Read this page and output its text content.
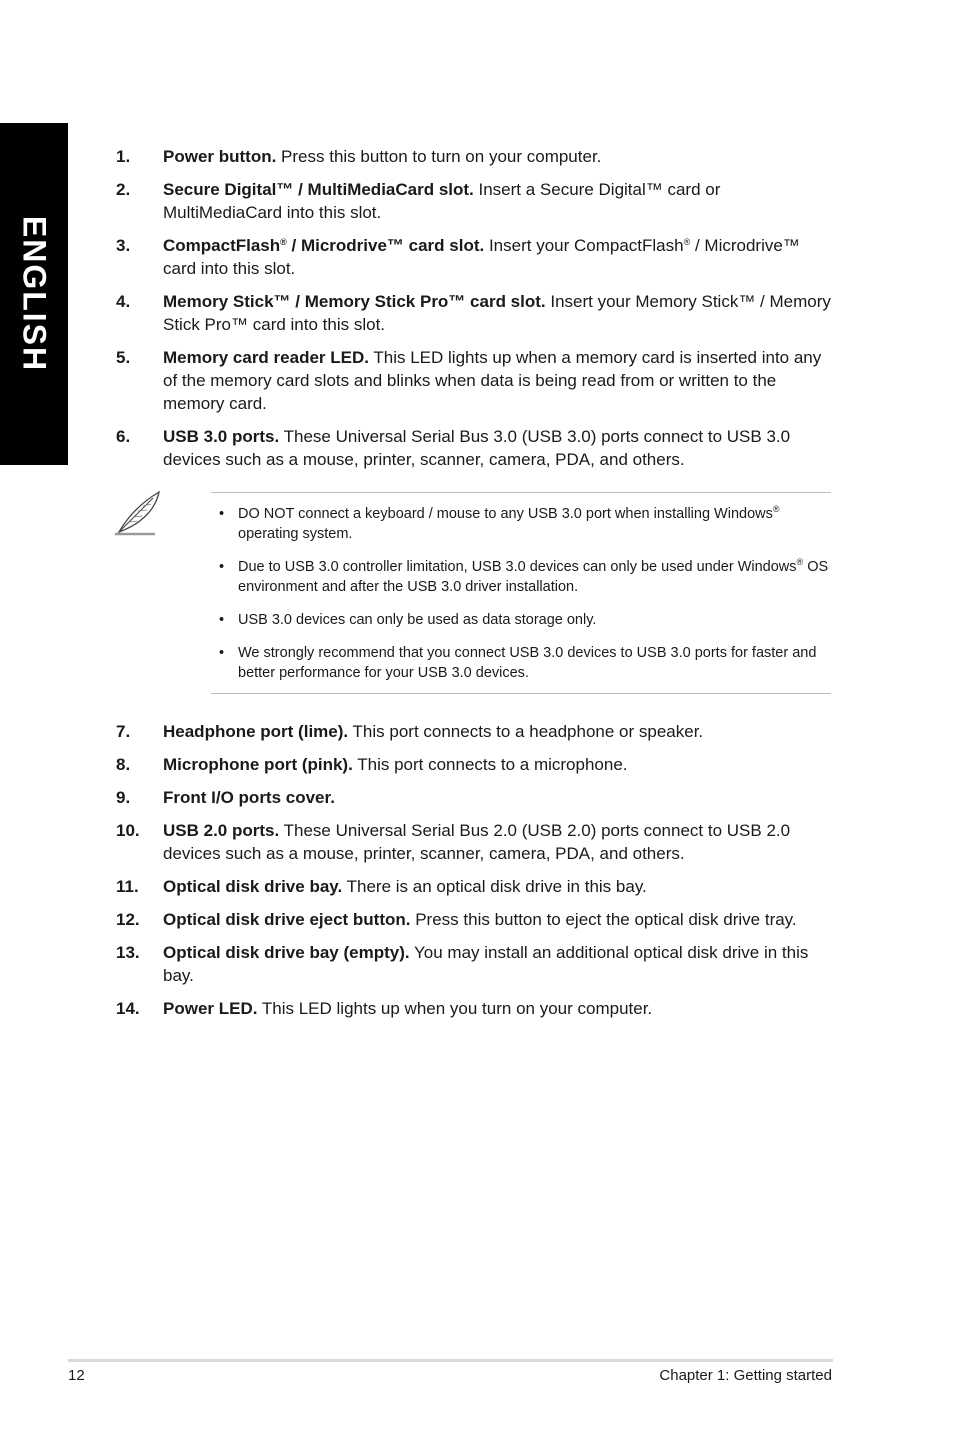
ENGLISH
1. Power button. Press this button to turn on your computer.
2. Secure Digital™ / MultiMediaCard slot. Insert a Secure Digital™ card or MultiMediaCard into this slot.
3. CompactFlash® / Microdrive™ card slot. Insert your CompactFlash® / Microdrive™ card into this slot.
4. Memory Stick™ / Memory Stick Pro™ card slot. Insert your Memory Stick™ / Memory Stick Pro™ card into this slot.
5. Memory card reader LED. This LED lights up when a memory card is inserted into any of the memory card slots and blinks when data is being read from or written to the memory card.
6. USB 3.0 ports. These Universal Serial Bus 3.0 (USB 3.0) ports connect to USB 3.0 devices such as a mouse, printer, scanner, camera, PDA, and others.
• DO NOT connect a keyboard / mouse to any USB 3.0 port when installing Windows® operating system.
• Due to USB 3.0 controller limitation, USB 3.0 devices can only be used under Windows® OS environment and after the USB 3.0 driver installation.
• USB 3.0 devices can only be used as data storage only.
• We strongly recommend that you connect USB 3.0 devices to USB 3.0 ports for faster and better performance for your USB 3.0 devices.
7. Headphone port (lime). This port connects to a headphone or speaker.
8. Microphone port (pink). This port connects to a microphone.
9. Front I/O ports cover.
10. USB 2.0 ports. These Universal Serial Bus 2.0 (USB 2.0) ports connect to USB 2.0 devices such as a mouse, printer, scanner, camera, PDA, and others.
11. Optical disk drive bay. There is an optical disk drive in this bay.
12. Optical disk drive eject button. Press this button to eject the optical disk drive tray.
13. Optical disk drive bay (empty). You may install an additional optical disk drive in this bay.
14. Power LED. This LED lights up when you turn on your computer.
12	Chapter 1: Getting started
